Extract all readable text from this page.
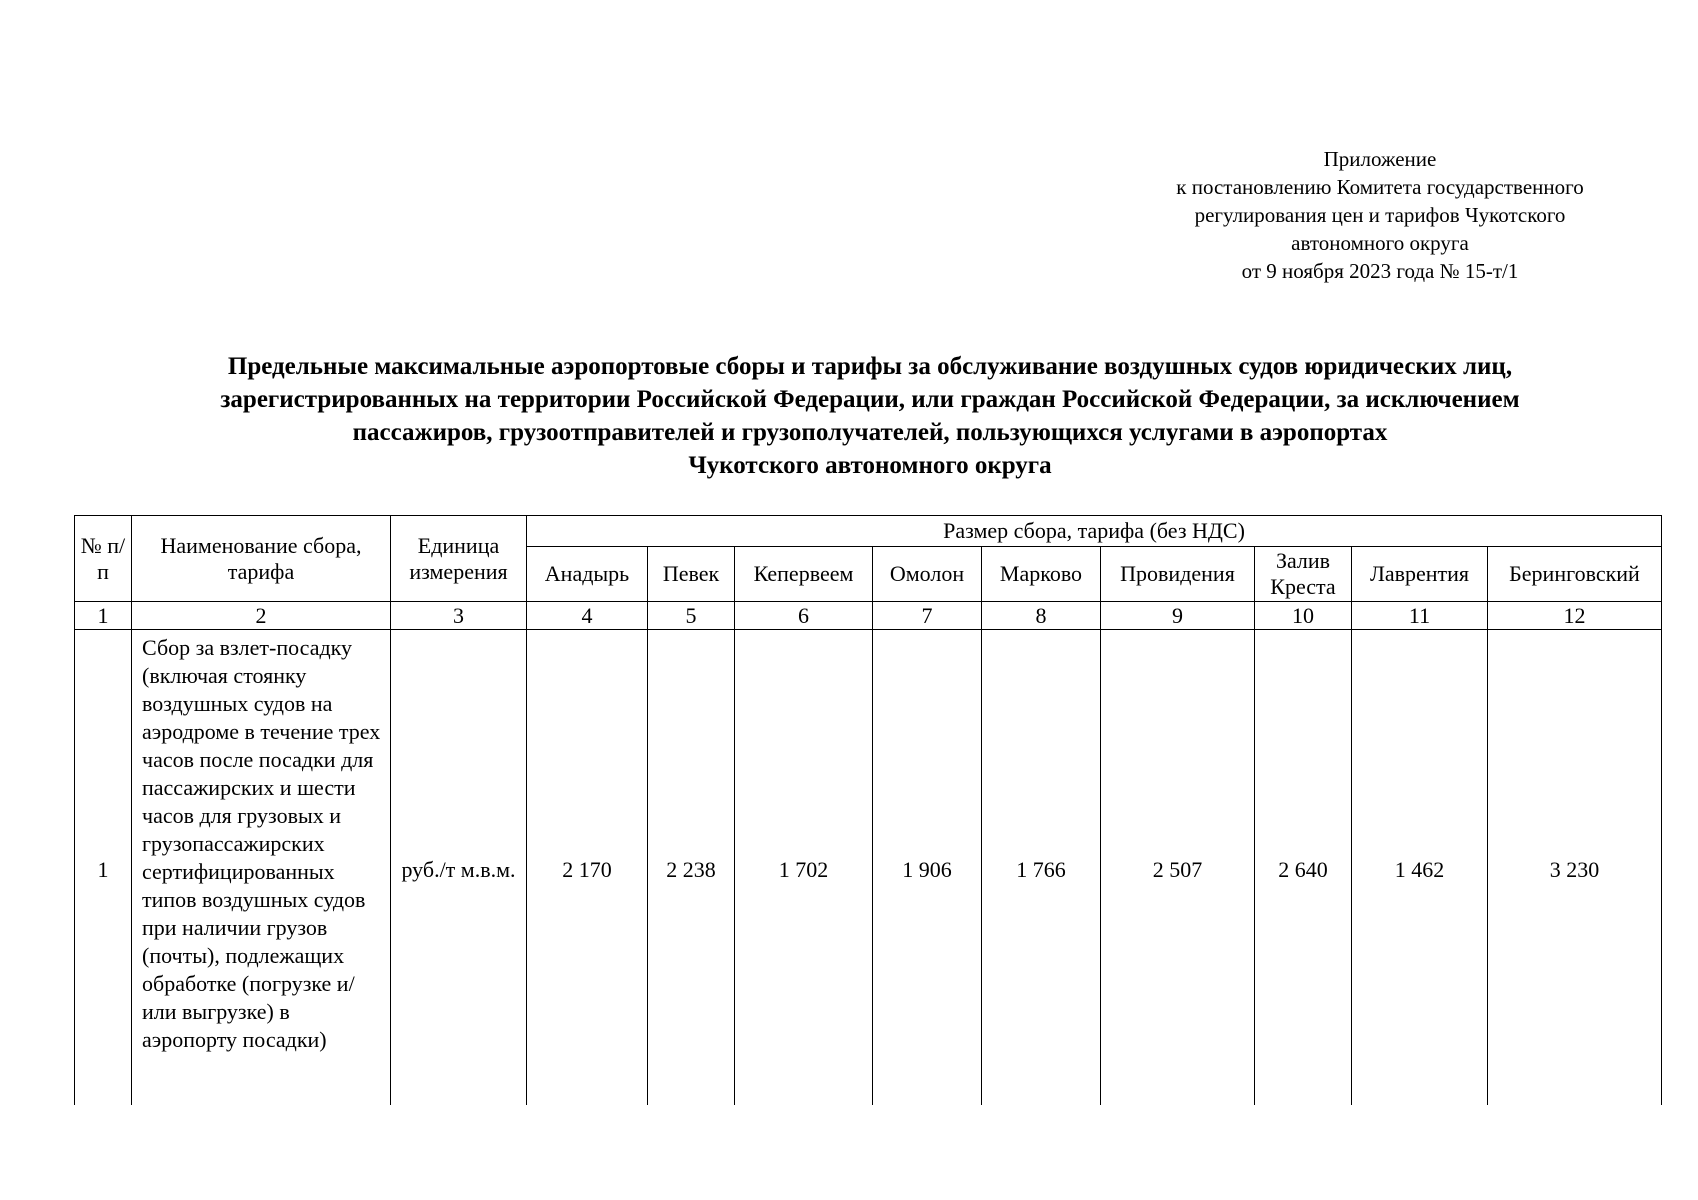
Приложение
к постановлению Комитета государственного
регулирования цен и тарифов Чукотского
автономного округа
от 9 ноября 2023 года № 15-т/1
Предельные максимальные аэропортовые сборы и тарифы за обслуживание воздушных судов юридических лиц,
зарегистрированных на территории Российской Федерации, или граждан Российской Федерации, за исключением
пассажиров, грузоотправителей и грузополучателей, пользующихся услугами в аэропортах
Чукотского автономного округа
№ п/п	Наименование сбора, тарифа	Единица измерения	Размер сбора, тарифа (без НДС)								
			Анадырь	Певек	Кепервеем	Омолон	Марково	Провидения	Залив Креста	Лаврентия	Беринговский
1	2	3	4	5	6	7	8	9	10	11	12
1	Сбор за взлет-посадку (включая стоянку воздушных судов на аэродроме в течение трех часов после посадки для пассажирских и шести часов для грузовых и грузопассажирских сертифицированных типов воздушных судов при наличии грузов (почты), подлежащих обработке (погрузке и/ или выгрузке) в аэропорту посадки)	руб./т м.в.м.	2 170	2 238	1 702	1 906	1 766	2 507	2 640	1 462	3 230
